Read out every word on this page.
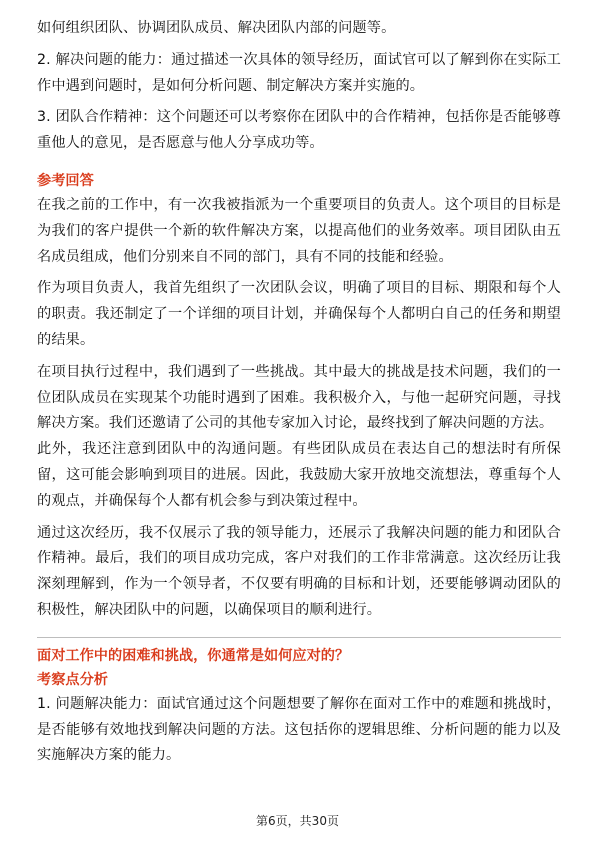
如何组织团队、协调团队成员、解决团队内部的问题等。

2. 解决问题的能力：通过描述一次具体的领导经历，面试官可以了解到你在实际工作中遇到问题时，是如何分析问题、制定解决方案并实施的。

3. 团队合作精神：这个问题还可以考察你在团队中的合作精神，包括你是否能够尊重他人的意见，是否愿意与他人分享成功等。

参考回答

在我之前的工作中，有一次我被指派为一个重要项目的负责人。这个项目的目标是为我们的客户提供一个新的软件解决方案，以提高他们的业务效率。项目团队由五名成员组成，他们分别来自不同的部门，具有不同的技能和经验。

作为项目负责人，我首先组织了一次团队会议，明确了项目的目标、期限和每个人的职责。我还制定了一个详细的项目计划，并确保每个人都明白自己的任务和期望的结果。

在项目执行过程中，我们遇到了一些挑战。其中最大的挑战是技术问题，我们的一位团队成员在实现某个功能时遇到了困难。我积极介入，与他一起研究问题，寻找解决方案。我们还邀请了公司的其他专家加入讨论，最终找到了解决问题的方法。

此外，我还注意到团队中的沟通问题。有些团队成员在表达自己的想法时有所保留，这可能会影响到项目的进展。因此，我鼓励大家开放地交流想法，尊重每个人的观点，并确保每个人都有机会参与到决策过程中。

通过这次经历，我不仅展示了我的领导能力，还展示了我解决问题的能力和团队合作精神。最后，我们的项目成功完成，客户对我们的工作非常满意。这次经历让我深刻理解到，作为一个领导者，不仅要有明确的目标和计划，还要能够调动团队的积极性，解决团队中的问题，以确保项目的顺利进行。

面对工作中的困难和挑战，你通常是如何应对的？
考察点分析

1. 问题解决能力：面试官通过这个问题想要了解你在面对工作中的难题和挑战时，是否能够有效地找到解决问题的方法。这包括你的逻辑思维、分析问题的能力以及实施解决方案的能力。

第6页，共30页
